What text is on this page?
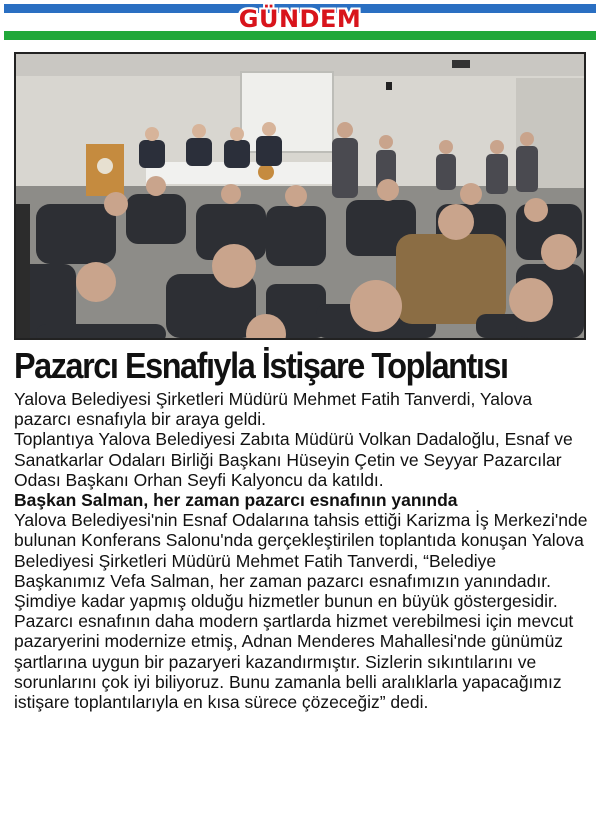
GÜNDEM
Pazarcı Esnafıyla İstişare Toplantısı

Yalova Belediyesi Şirketleri Müdürü Mehmet Fatih Tanverdi, Yalova pazarcı esnafıyla bir araya geldi.

Toplantıya Yalova Belediyesi Zabıta Müdürü Volkan Dadaloğlu, Esnaf ve Sanatkarlar Odaları Birliği Başkanı Hüseyin Çetin ve Seyyar Pazarcılar Odası Başkanı Orhan Seyfi Kalyoncu da katıldı.

Başkan Salman, her zaman pazarcı esnafının yanında

Yalova Belediyesi'nin Esnaf Odalarına tahsis ettiği Karizma İş Merkezi'nde bulunan Konferans Salonu'nda gerçekleştirilen toplantıda konuşan Yalova Belediyesi Şirketleri Müdürü Mehmet Fatih Tanverdi, “Belediye Başkanımız Vefa Salman, her zaman pazarcı esnafımızın yanındadır. Şimdiye kadar yapmış olduğu hizmetler bunun en büyük göstergesidir. Pazarcı esnafının daha modern şartlarda hizmet verebilmesi için mevcut pazaryerini modernize etmiş, Adnan Menderes Mahallesi'nde günümüz şartlarına uygun bir pazaryeri kazandırmıştır. Sizlerin sıkıntılarını ve sorunlarını çok iyi biliyoruz. Bunu zamanla belli aralıklarla yapacağımız istişare toplantılarıyla en kısa sürece çözeceğiz” dedi.
